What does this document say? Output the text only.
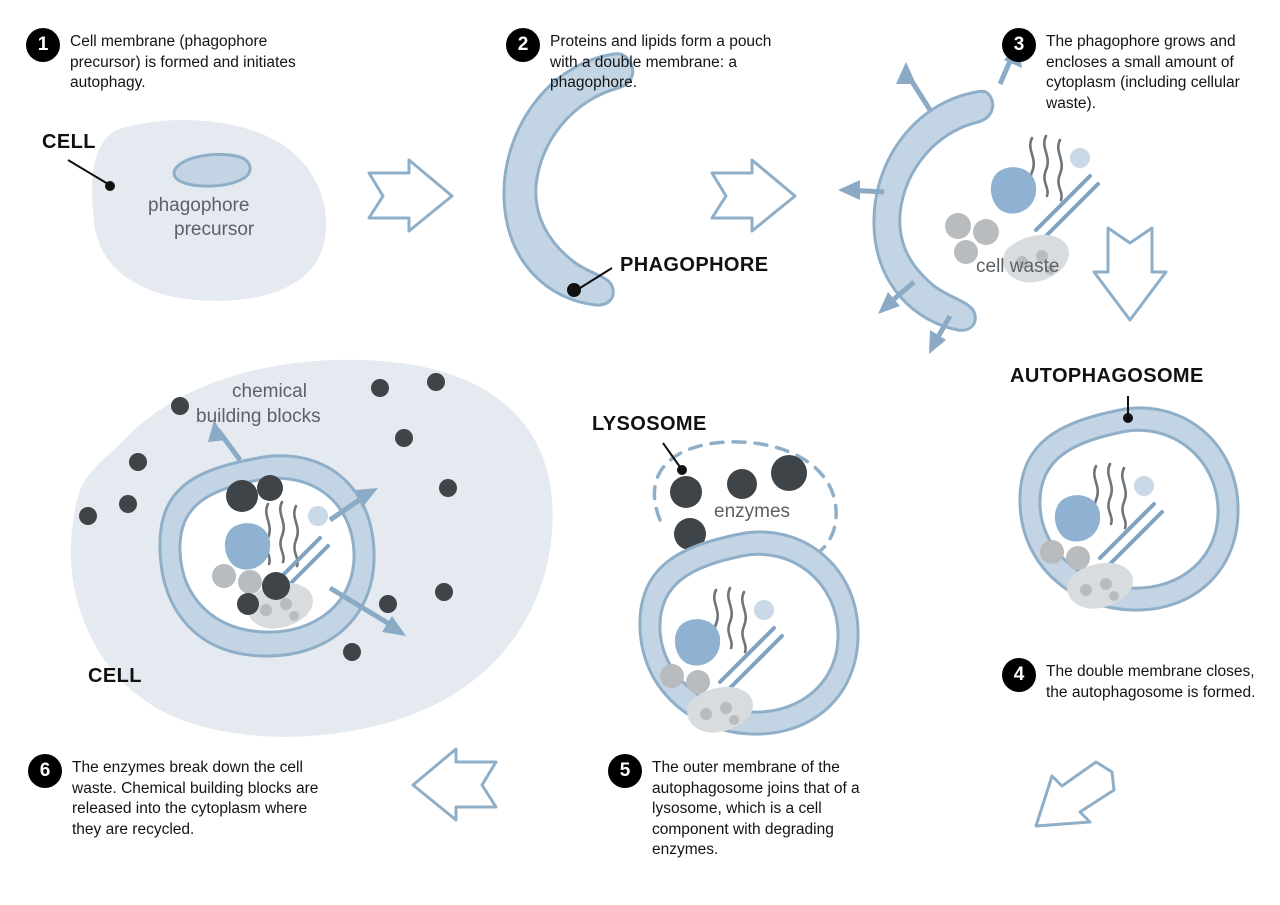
1	Cell membrane (phagophore precursor) is formed and initiates autophagy.
2	Proteins and lipids form a pouch with a double membrane: a phagophore.
3	The phagophore grows and encloses a small amount of cytoplasm (including cellular waste).
4	The double membrane closes, the autophagosome is formed.
5	The outer membrane of the autophagosome joins that of a lysosome, which is a cell component with degrading enzymes.
6	The enzymes break down the cell waste. Chemical building blocks are released into the cytoplasm where they are recycled.
CELL
phagophore
precursor
PHAGOPHORE	cell waste
AUTOPHAGOSOME
LYSOSOME
enzymes
chemical
building blocks
CELL
